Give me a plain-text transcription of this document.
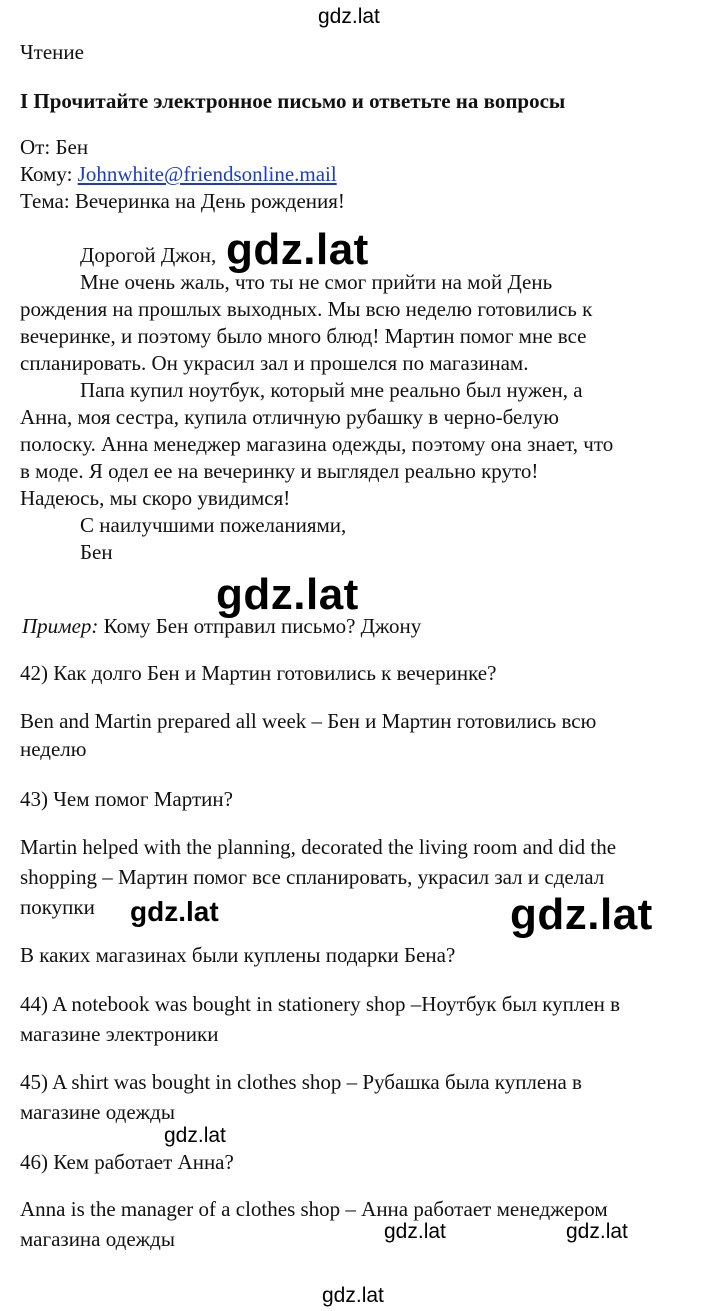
gdz.lat
Чтение
I Прочитайте электронное письмо и ответьте на вопросы
От: Бен
Кому: Johnwhite@friendsonline.mail
Тема: Вечеринка на День рождения!
Дорогой Джон,
Мне очень жаль, что ты не смог прийти на мой День
рождения на прошлых выходных. Мы всю неделю готовились к
вечеринке, и поэтому было много блюд! Мартин помог мне все
спланировать. Он украсил зал и прошелся по магазинам.
Папа купил ноутбук, который мне реально был нужен, а
Анна, моя сестра, купила отличную рубашку в черно-белую
полоску. Анна менеджер магазина одежды, поэтому она знает, что
в моде. Я одел ее на вечеринку и выглядел реально круто!
Надеюсь, мы скоро увидимся!
С наилучшими пожеланиями,
Бен
Пример: Кому Бен отправил письмо? Джону
42) Как долго Бен и Мартин готовились к вечеринке?
Ben and Martin prepared all week – Бен и Мартин готовились всю
неделю
43) Чем помог Мартин?
Martin helped with the planning, decorated the living room and did the
shopping – Мартин помог все спланировать, украсил зал и сделал
покупки
В каких магазинах были куплены подарки Бена?
44) A notebook was bought in stationery shop –Ноутбук был куплен в
магазине электроники
45) A shirt was bought in clothes shop – Рубашка была куплена в
магазине одежды
46) Кем работает Анна?
Anna is the manager of a clothes shop – Анна работает менеджером
магазина одежды
gdz.lat
gdz.lat
gdz.lat	gdz.lat
gdz.lat
gdz.lat	gdz.lat
gdz.lat
